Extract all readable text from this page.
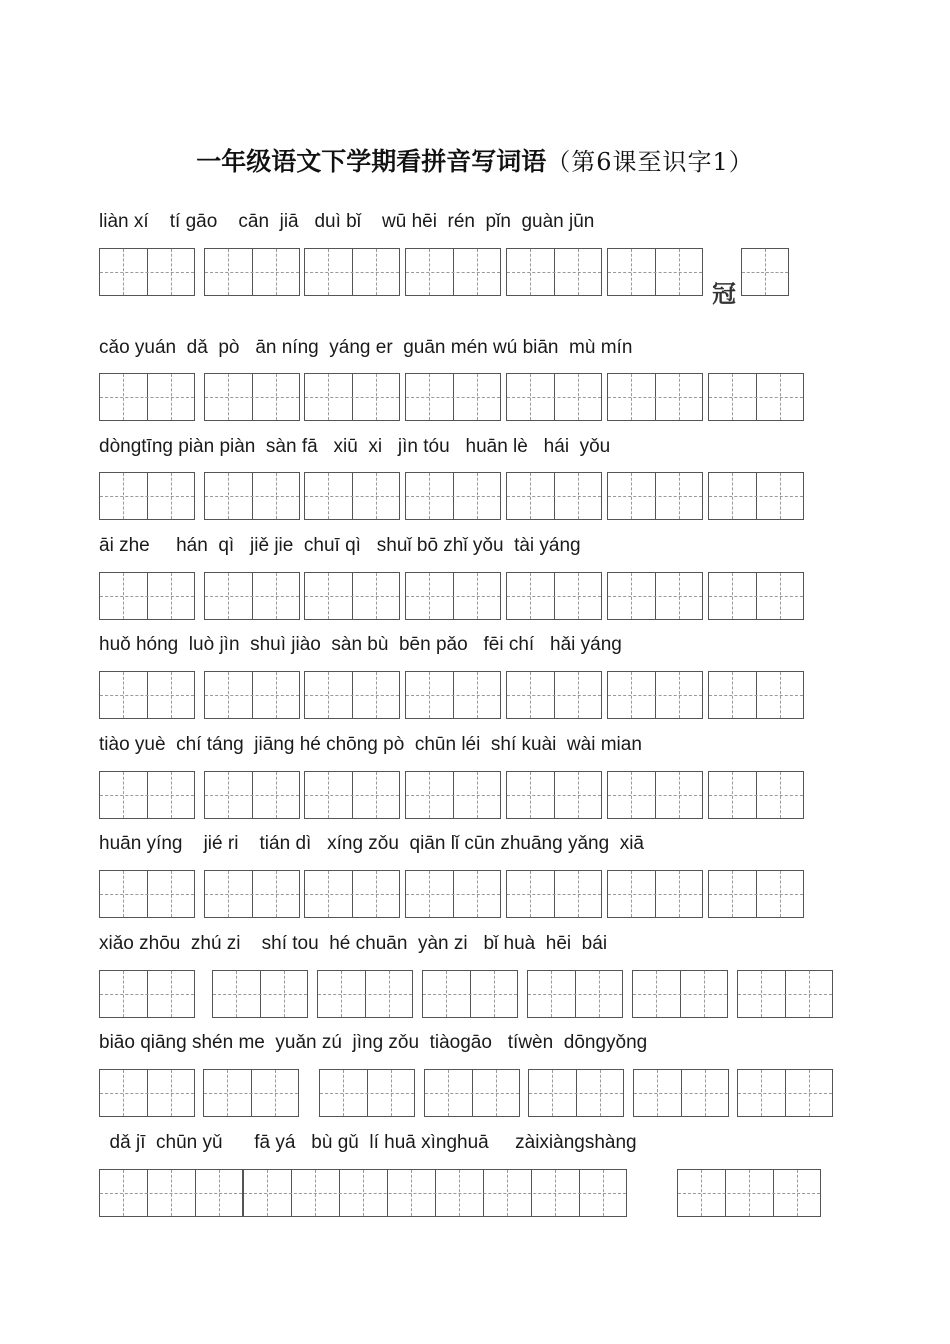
一年级语文下学期看拼音写词语（第6课至识字1）
liàn xí    tí gāo    cān  jiā   duì bǐ    wū hēi  rén  pǐn  guàn jūn
cǎo yuán  dǎ  pò   ān níng  yáng er  guān mén wú biān  mù mín
dòngtīng piàn piàn  sàn fā   xiū  xi   jìn tóu   huān lè   hái  yǒu
āi zhe     hán  qì   jiě jie  chuī qì   shuǐ bō zhǐ yǒu  tài yáng
huǒ hóng  luò jìn  shuì jiào  sàn bù  bēn pǎo   fēi chí   hǎi yáng
tiào yuè  chí táng  jiāng hé chōng pò  chūn léi  shí kuài  wài mian
huān yíng    jié ri    tián dì   xíng zǒu  qiān lǐ cūn zhuāng yǎng  xiā
xiǎo zhōu  zhú zi    shí tou  hé chuān  yàn zi   bǐ huà  hēi  bái
biāo qiāng shén me  yuǎn zú  jìng zǒu  tiàogāo   tíwèn  dōngyǒng
dǎ jī  chūn yǔ      fā yá   bù gǔ  lí huā xìnghuā     zàixiàngshàng
冠
